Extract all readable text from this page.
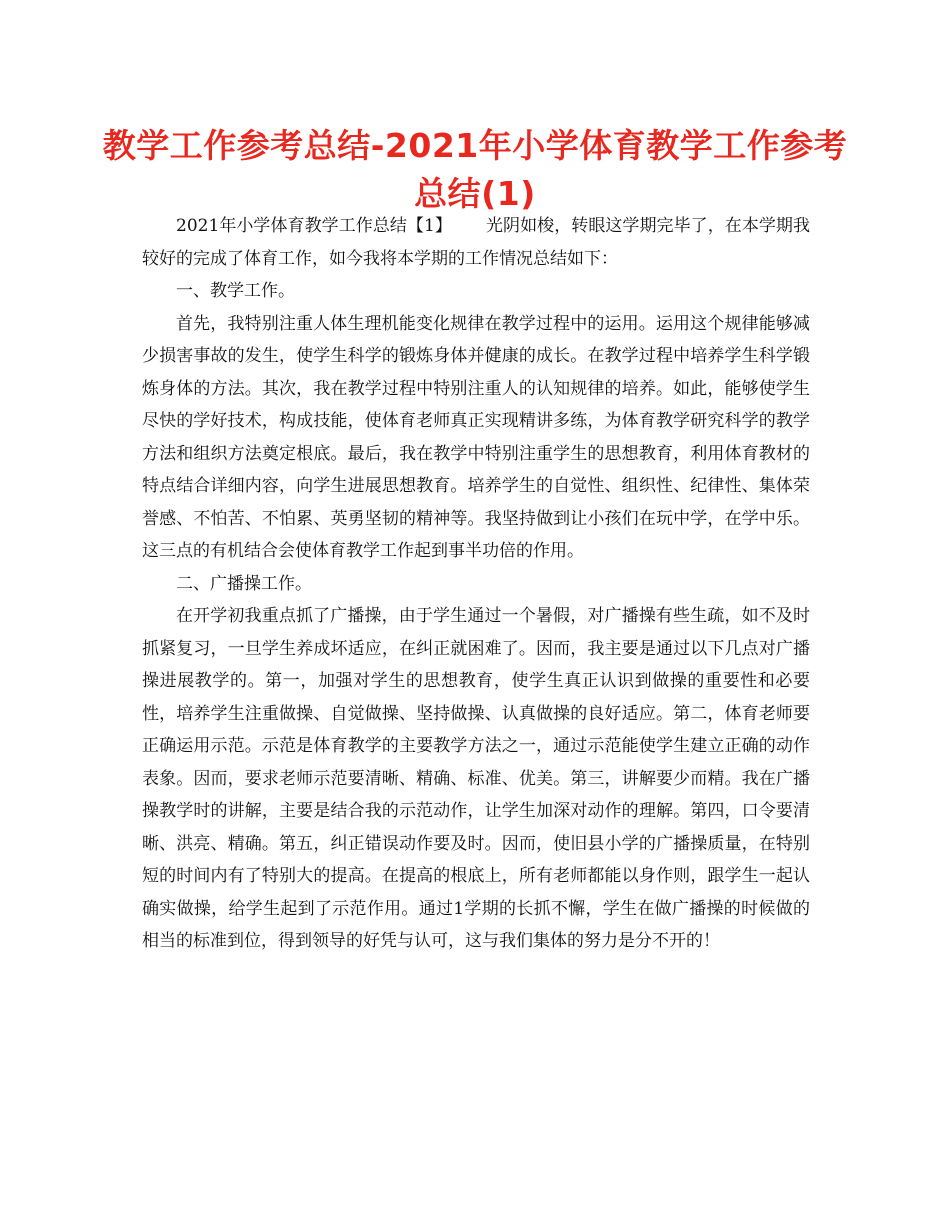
教学工作参考总结-2021年小学体育教学工作参考总结(1)

2021年小学体育教学工作总结【1】 光阴如梭，转眼这学期完毕了，在本学期我较好的完成了体育工作，如今我将本学期的工作情况总结如下：

一、教学工作。

首先，我特别注重人体生理机能变化规律在教学过程中的运用。运用这个规律能够减少损害事故的发生，使学生科学的锻炼身体并健康的成长。在教学过程中培养学生科学锻炼身体的方法。其次，我在教学过程中特别注重人的认知规律的培养。如此，能够使学生尽快的学好技术，构成技能，使体育老师真正实现精讲多练，为体育教学研究科学的教学方法和组织方法奠定根底。最后，我在教学中特别注重学生的思想教育，利用体育教材的特点结合详细内容，向学生进展思想教育。培养学生的自觉性、组织性、纪律性、集体荣誉感、不怕苦、不怕累、英勇坚韧的精神等。我坚持做到让小孩们在玩中学，在学中乐。这三点的有机结合会使体育教学工作起到事半功倍的作用。

二、广播操工作。

在开学初我重点抓了广播操，由于学生通过一个暑假，对广播操有些生疏，如不及时抓紧复习，一旦学生养成坏适应，在纠正就困难了。因而，我主要是通过以下几点对广播操进展教学的。第一，加强对学生的思想教育，使学生真正认识到做操的重要性和必要性，培养学生注重做操、自觉做操、坚持做操、认真做操的良好适应。第二，体育老师要正确运用示范。示范是体育教学的主要教学方法之一，通过示范能使学生建立正确的动作表象。因而，要求老师示范要清晰、精确、标准、优美。第三，讲解要少而精。我在广播操教学时的讲解，主要是结合我的示范动作，让学生加深对动作的理解。第四，口令要清晰、洪亮、精确。第五，纠正错误动作要及时。因而，使旧县小学的广播操质量，在特别短的时间内有了特别大的提高。在提高的根底上，所有老师都能以身作则，跟学生一起认确实做操，给学生起到了示范作用。通过1学期的长抓不懈，学生在做广播操的时候做的相当的标准到位，得到领导的好凭与认可，这与我们集体的努力是分不开的！
